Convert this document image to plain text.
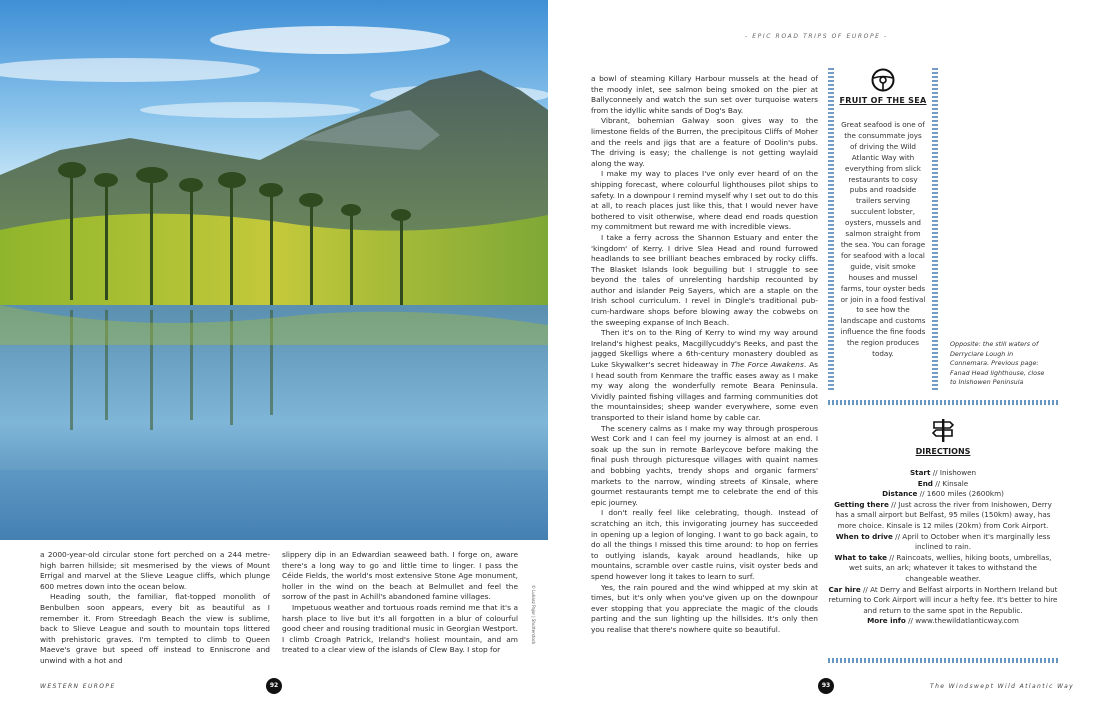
© Lukasz Pajor | Shutterstock
- EPIC ROAD TRIPS OF EUROPE -

a 2000-year-old circular stone fort perched on a 244 metre-high barren hillside; sit mesmerised by the views of Mount Errigal and marvel at the Slieve League cliffs, which plunge 600 metres down into the ocean below.

Heading south, the familiar, flat-topped monolith of Benbulben soon appears, every bit as beautiful as I remember it. From Streedagh Beach the view is sublime, back to Slieve League and south to mountain tops littered with prehistoric graves. I'm tempted to climb to Queen Maeve's grave but speed off instead to Enniscrone and unwind with a hot and

slippery dip in an Edwardian seaweed bath. I forge on, aware there's a long way to go and little time to linger. I pass the Céide Fields, the world's most extensive Stone Age monument, holler in the wind on the beach at Belmullet and feel the sorrow of the past in Achill's abandoned famine villages.

Impetuous weather and tortuous roads remind me that it's a harsh place to live but it's all forgotten in a blur of colourful good cheer and rousing traditional music in Georgian Westport. I climb Croagh Patrick, Ireland's holiest mountain, and am treated to a clear view of the islands of Clew Bay. I stop for

a bowl of steaming Killary Harbour mussels at the head of the moody inlet, see salmon being smoked on the pier at Ballyconneely and watch the sun set over turquoise waters from the idyllic white sands of Dog's Bay.

Vibrant, bohemian Galway soon gives way to the limestone fields of the Burren, the precipitous Cliffs of Moher and the reels and jigs that are a feature of Doolin's pubs. The driving is easy; the challenge is not getting waylaid along the way.

I make my way to places I've only ever heard of on the shipping forecast, where colourful lighthouses pilot ships to safety. In a downpour I remind myself why I set out to do this at all, to reach places just like this, that I would never have bothered to visit otherwise, where dead end roads question my commitment but reward me with incredible views.

I take a ferry across the Shannon Estuary and enter the 'kingdom' of Kerry. I drive Slea Head and round furrowed headlands to see brilliant beaches embraced by rocky cliffs. The Blasket Islands look beguiling but I struggle to see beyond the tales of unrelenting hardship recounted by author and islander Peig Sayers, which are a staple on the Irish school curriculum. I revel in Dingle's traditional pub-cum-hardware shops before blowing away the cobwebs on the sweeping expanse of Inch Beach.

Then it's on to the Ring of Kerry to wind my way around Ireland's highest peaks, Macgillycuddy's Reeks, and past the jagged Skelligs where a 6th-century monastery doubled as Luke Skywalker's secret hideaway in The Force Awakens. As I head south from Kenmare the traffic eases away as I make my way along the wonderfully remote Beara Peninsula. Vividly painted fishing villages and farming communities dot the mountainsides; sheep wander everywhere, some even transported to their island home by cable car.

The scenery calms as I make my way through prosperous West Cork and I can feel my journey is almost at an end. I soak up the sun in remote Barleycove before making the final push through picturesque villages with quaint names and bobbing yachts, trendy shops and organic farmers' markets to the narrow, winding streets of Kinsale, where gourmet restaurants tempt me to celebrate the end of this epic journey.

I don't really feel like celebrating, though. Instead of scratching an itch, this invigorating journey has succeeded in opening up a legion of longing. I want to go back again, to do all the things I missed this time around: to hop on ferries to outlying islands, kayak around headlands, hike up mountains, scramble over castle ruins, visit oyster beds and spend however long it takes to learn to surf.

Yes, the rain poured and the wind whipped at my skin at times, but it's only when you've given up on the downpour ever stopping that you appreciate the magic of the clouds parting and the sun lighting up the hillsides. It's only then you realise that there's nowhere quite so beautiful.

FRUIT OF THE SEA
Great seafood is one of the consummate joys of driving the Wild Atlantic Way with everything from slick restaurants to cosy pubs and roadside trailers serving succulent lobster, oysters, mussels and salmon straight from the sea. You can forage for seafood with a local guide, visit smoke houses and mussel farms, tour oyster beds or join in a food festival to see how the landscape and customs influence the fine foods the region produces today.
Opposite: the still waters of Derryclare Lough in Connemara. Previous page: Fanad Head lighthouse, close to Inishowen Peninsula
DIRECTIONS
Start // Inishowen
End // Kinsale
Distance // 1600 miles (2600km)
Getting there // Just across the river from Inishowen, Derry has a small airport but Belfast, 95 miles (150km) away, has more choice. Kinsale is 12 miles (20km) from Cork Airport.
When to drive // April to October when it's marginally less inclined to rain.
What to take // Raincoats, wellies, hiking boots, umbrellas, wet suits, an ark; whatever it takes to withstand the changeable weather.
Car hire // At Derry and Belfast airports in Northern Ireland but returning to Cork Airport will incur a hefty fee. It's better to hire and return to the same spot in the Republic.
More info // www.thewildatlanticway.com
WESTERN EUROPE	92	93	The Windswept Wild Atlantic Way
